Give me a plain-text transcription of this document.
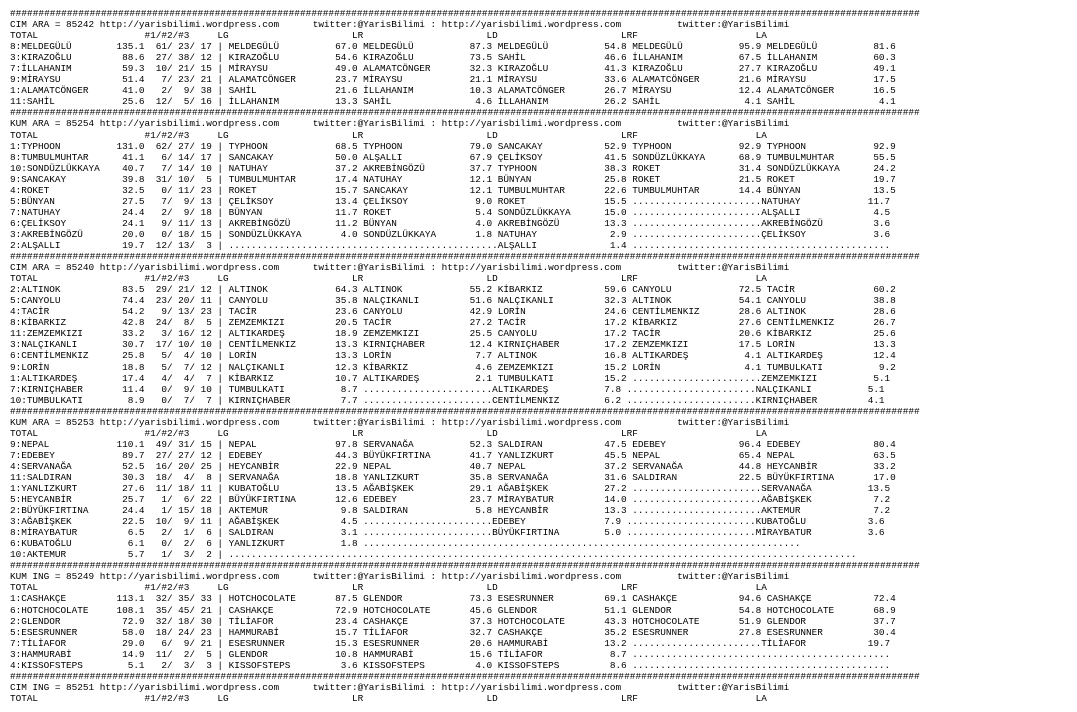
################################################################################################################################################################
CIM ARA = 85242 http://yarisbilimi.wordpress.com      twitter:@YarisBilimi : http://yarisbilimi.wordpress.com          twitter:@YarisBilimi
TOTAL                   #1/#2/#3     LG                      LR                      LD                      LRF                     LA
8:MELDEGÜLÜ        135.1  61/ 23/ 17 | MELDEGÜLÜ          67.0 MELDEGÜLÜ          87.3 MELDEGÜLÜ          54.8 MELDEGÜLÜ          95.9 MELDEGÜLÜ          81.6
3:KIRAZOĞLU         88.6  27/ 38/ 12 | KIRAZOĞLU          54.6 KIRAZOĞLU          73.5 SAHİL              46.6 İLLAHANIM          67.5 İLLAHANIM          60.3
7:İLLAHANIM         59.3  10/ 21/ 15 | MİRAYSU            49.0 ALAMATCÖNGER       32.3 KIRAZOĞLU          41.3 KIRAZOĞLU          27.7 KIRAZOĞLU          49.1
9:MİRAYSU           51.4   7/ 23/ 21 | ALAMATCÖNGER       23.7 MİRAYSU            21.1 MİRAYSU            33.6 ALAMATCÖNGER       21.6 MİRAYSU            17.5
1:ALAMATCÖNGER      41.0   2/  9/ 38 | SAHİL              21.6 İLLAHANIM          10.3 ALAMATCÖNGER       26.7 MİRAYSU            12.4 ALAMATCÖNGER       16.5
11:SAHİL            25.6  12/  5/ 16 | İLLAHANIM          13.3 SAHİL               4.6 İLLAHANIM          26.2 SAHİL               4.1 SAHİL               4.1
################################################################################################################################################################
KUM ARA = 85254 http://yarisbilimi.wordpress.com      twitter:@YarisBilimi : http://yarisbilimi.wordpress.com          twitter:@YarisBilimi
TOTAL                   #1/#2/#3     LG                      LR                      LD                      LRF                     LA
1:TYPHOON          131.0  62/ 27/ 19 | TYPHOON            68.5 TYPHOON            79.0 SANCAKAY           52.9 TYPHOON            92.9 TYPHOON            92.9
8:TUMBULMUHTAR      41.1   6/ 14/ 17 | SANCAKAY           50.0 ALŞALLI            67.9 ÇELİKSOY           41.5 SONDÜZLÜKKAYA      68.9 TUMBULMUHTAR       55.5
10:SONDÜZLÜKKAYA    40.7   7/ 14/ 10 | NATUHAY            37.2 AKREBİNGÖZÜ        37.7 TYPHOON            38.3 ROKET              31.4 SONDÜZLÜKKAYA      24.2
9:SANCAKAY          39.8  31/ 10/  5 | TUMBULMUHTAR       17.4 NATUHAY            12.1 BÜNYAN             25.8 ROKET              21.5 ROKET              19.7
4:ROKET             32.5   0/ 11/ 23 | ROKET              15.7 SANCAKAY           12.1 TUMBULMUHTAR       22.6 TUMBULMUHTAR       14.4 BÜNYAN             13.5
5:BÜNYAN            27.5   7/  9/ 13 | ÇELİKSOY           13.4 ÇELİKSOY            9.0 ROKET              15.5 .......................NATUHAY            11.7
7:NATUHAY           24.4   2/  9/ 18 | BÜNYAN             11.7 ROKET               5.4 SONDÜZLÜKKAYA      15.0 .......................ALŞALLI             4.5
6:ÇELİKSOY          24.1   9/ 11/ 13 | AKREBİNGÖZÜ        11.2 BÜNYAN              4.0 AKREBİNGÖZÜ        13.3 .......................AKREBİNGÖZÜ         3.6
3:AKREBİNGÖZÜ       20.0   0/ 18/ 15 | SONDÜZLÜKKAYA       4.0 SONDÜZLÜKKAYA       1.8 NATUHAY             2.9 .......................ÇELİKSOY            3.6
2:ALŞALLI           19.7  12/ 13/  3 | ................................................ALŞALLI             1.4 ..............................................
################################################################################################################################################################
CIM ARA = 85240 http://yarisbilimi.wordpress.com      twitter:@YarisBilimi : http://yarisbilimi.wordpress.com          twitter:@YarisBilimi
TOTAL                   #1/#2/#3     LG                      LR                      LD                      LRF                     LA
2:ALTINOK           83.5  29/ 21/ 12 | ALTINOK            64.3 ALTINOK            55.2 KİBARKIZ           59.6 CANYOLU            72.5 TACİR              60.2
5:CANYOLU           74.4  23/ 20/ 11 | CANYOLU            35.8 NALÇIKANLI         51.6 NALÇIKANLI         32.3 ALTINOK            54.1 CANYOLU            38.8
4:TACİR             54.2   9/ 13/ 23 | TACİR              23.6 CANYOLU            42.9 LORİN              24.6 CENTİLMENKIZ       28.6 ALTINOK            28.6
8:KİBARKIZ          42.8  24/  8/  5 | ZEMZEMKIZI         20.5 TACİR              27.2 TACİR              17.2 KİBARKIZ           27.6 CENTİLMENKIZ       26.7
11:ZEMZEMKIZI       33.2   3/ 16/ 12 | ALTIKARDEŞ         18.9 ZEMZEMKIZI         25.5 CANYOLU            17.2 TACİR              20.6 KİBARKIZ           25.6
3:NALÇIKANLI        30.7  17/ 10/ 10 | CENTİLMENKIZ       13.3 KIRNIÇHABER        12.4 KIRNIÇHABER        17.2 ZEMZEMKIZI         17.5 LORİN              13.3
6:CENTİLMENKIZ      25.8   5/  4/ 10 | LORİN              13.3 LORİN               7.7 ALTINOK            16.8 ALTIKARDEŞ          4.1 ALTIKARDEŞ         12.4
9:LORİN             18.8   5/  7/ 12 | NALÇIKANLI         12.3 KİBARKIZ            4.6 ZEMZEMKIZI         15.2 LORİN               4.1 TUMBULKATI          9.2
1:ALTIKARDEŞ        17.4   4/  4/  7 | KİBARKIZ           10.7 ALTIKARDEŞ          2.1 TUMBULKATI         15.2 .......................ZEMZEMKIZI          5.1
7:KIRNIÇHABER       11.4   0/  9/ 10 | TUMBULKATI          8.7 .......................ALTIKARDEŞ          7.8 .......................NALÇIKANLI          5.1
10:TUMBULKATI        8.9   0/  7/  7 | KIRNIÇHABER         7.7 .......................CENTİLMENKIZ        6.2 .......................KIRNIÇHABER         4.1
################################################################################################################################################################
KUM ARA = 85253 http://yarisbilimi.wordpress.com      twitter:@YarisBilimi : http://yarisbilimi.wordpress.com          twitter:@YarisBilimi
TOTAL                   #1/#2/#3     LG                      LR                      LD                      LRF                     LA
9:NEPAL            110.1  49/ 31/ 15 | NEPAL              97.8 SERVANAĞA          52.3 SALDIRAN           47.5 EDEBEY             96.4 EDEBEY             80.4
7:EDEBEY            89.7  27/ 27/ 12 | EDEBEY             44.3 BÜYÜKFIRTINA       41.7 YANLIZKURT         45.5 NEPAL              65.4 NEPAL              63.5
4:SERVANAĞA         52.5  16/ 20/ 25 | HEYCANBİR          22.9 NEPAL              40.7 NEPAL              37.2 SERVANAĞA          44.8 HEYCANBİR          33.2
11:SALDIRAN         30.3  18/  4/  8 | SERVANAĞA          18.8 YANLIZKURT         35.8 SERVANAĞA          31.6 SALDIRAN           22.5 BÜYÜKFIRTINA       17.0
1:YANLIZKURT        27.6  11/ 18/ 11 | KUBATOĞLU          13.5 AĞABİŞKEK          29.1 AĞABİŞKEK          27.2 .......................SERVANAĞA          13.5
5:HEYCANBİR         25.7   1/  6/ 22 | BÜYÜKFIRTINA       12.6 EDEBEY             23.7 MİRAYBATUR         14.0 .......................AĞABİŞKEK           7.2
2:BÜYÜKFIRTINA      24.4   1/ 15/ 18 | AKTEMUR             9.8 SALDIRAN            5.8 HEYCANBİR          13.3 .......................AKTEMUR             7.2
3:AĞABİŞKEK         22.5  10/  9/ 11 | AĞABİŞKEK           4.5 .......................EDEBEY              7.9 .......................KUBATOĞLU           3.6
8:MİRAYBATUR         6.5   2/  1/  6 | SALDIRAN            3.1 .......................BÜYÜKFIRTINA        5.0 .......................MİRAYBATUR          3.6
6:KUBATOĞLU          6.1   0/  2/  6 | YANLIZKURT          1.8 ..............................................................................
10:AKTEMUR           5.7   1/  3/  2 | ................................................................................................................
################################################################################################################################################################
KUM ING = 85249 http://yarisbilimi.wordpress.com      twitter:@YarisBilimi : http://yarisbilimi.wordpress.com          twitter:@YarisBilimi
TOTAL                   #1/#2/#3     LG                      LR                      LD                      LRF                     LA
1:CASHAKÇE         113.1  32/ 35/ 33 | HOTCHOCOLATE       87.5 GLENDOR            73.3 ESESRUNNER         69.1 CASHAKÇE           94.6 CASHAKÇE           72.4
6:HOTCHOCOLATE     108.1  35/ 45/ 21 | CASHAKÇE           72.9 HOTCHOCOLATE       45.6 GLENDOR            51.1 GLENDOR            54.8 HOTCHOCOLATE       68.9
2:GLENDOR           72.9  32/ 18/ 30 | TİLİAFOR           23.4 CASHAKÇE           37.3 HOTCHOCOLATE       43.3 HOTCHOCOLATE       51.9 GLENDOR            37.7
5:ESESRUNNER        58.0  18/ 24/ 23 | HAMMURABİ          15.7 TİLİAFOR           32.7 CASHAKÇE           35.2 ESESRUNNER         27.8 ESESRUNNER         30.4
7:TİLİAFOR          29.0   6/  9/ 21 | ESESRUNNER         15.3 ESESRUNNER         20.6 HAMMURABİ          13.2 .......................TİLİAFOR           19.7
3:HAMMURABİ         14.9  11/  2/  5 | GLENDOR            10.8 HAMMURABİ          15.6 TİLİAFOR            8.7 ..............................................
4:KISSOFSTEPS        5.1   2/  3/  3 | KISSOFSTEPS         3.6 KISSOFSTEPS         4.0 KISSOFSTEPS         8.6 ..............................................
################################################################################################################################################################
CIM ING = 85251 http://yarisbilimi.wordpress.com      twitter:@YarisBilimi : http://yarisbilimi.wordpress.com          twitter:@YarisBilimi
TOTAL                   #1/#2/#3     LG                      LR                      LD                      LRF                     LA
